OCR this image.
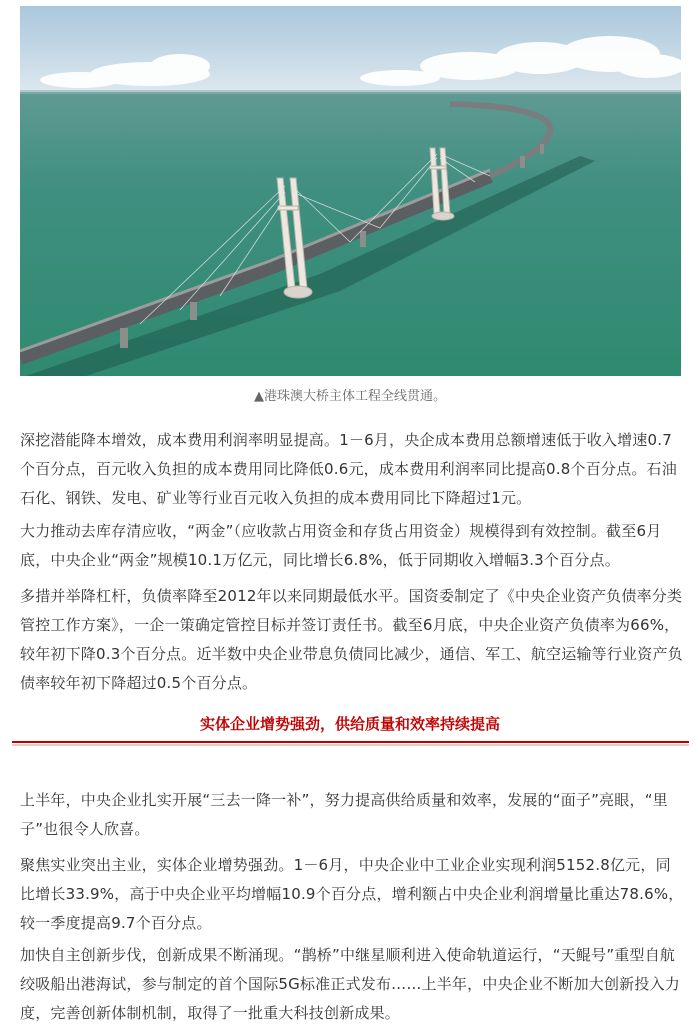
▲港珠澳大桥主体工程全线贯通。

深挖潜能降本增效，成本费用利润率明显提高。1－6月，央企成本费用总额增速低于收入增速0.7个百分点，百元收入负担的成本费用同比降低0.6元，成本费用利润率同比提高0.8个百分点。石油石化、钢铁、发电、矿业等行业百元收入负担的成本费用同比下降超过1元。

大力推动去库存清应收，“两金”（应收款占用资金和存货占用资金）规模得到有效控制。截至6月底，中央企业“两金”规模10.1万亿元，同比增长6.8%，低于同期收入增幅3.3个百分点。

多措并举降杠杆，负债率降至2012年以来同期最低水平。国资委制定了《中央企业资产负债率分类管控工作方案》，一企一策确定管控目标并签订责任书。截至6月底，中央企业资产负债率为66%，较年初下降0.3个百分点。近半数中央企业带息负债同比减少，通信、军工、航空运输等行业资产负债率较年初下降超过0.5个百分点。

实体企业增势强劲，供给质量和效率持续提高

上半年，中央企业扎实开展“三去一降一补”，努力提高供给质量和效率，发展的“面子”亮眼，“里子”也很令人欣喜。

聚焦实业突出主业，实体企业增势强劲。1－6月，中央企业中工业企业实现利润5152.8亿元，同比增长33.9%，高于中央企业平均增幅10.9个百分点，增利额占中央企业利润增量比重达78.6%，较一季度提高9.7个百分点。

加快自主创新步伐，创新成果不断涌现。“鹊桥”中继星顺利进入使命轨道运行，“天鲲号”重型自航绞吸船出港海试，参与制定的首个国际5G标准正式发布……上半年，中央企业不断加大创新投入力度，完善创新体制机制，取得了一批重大科技创新成果。
